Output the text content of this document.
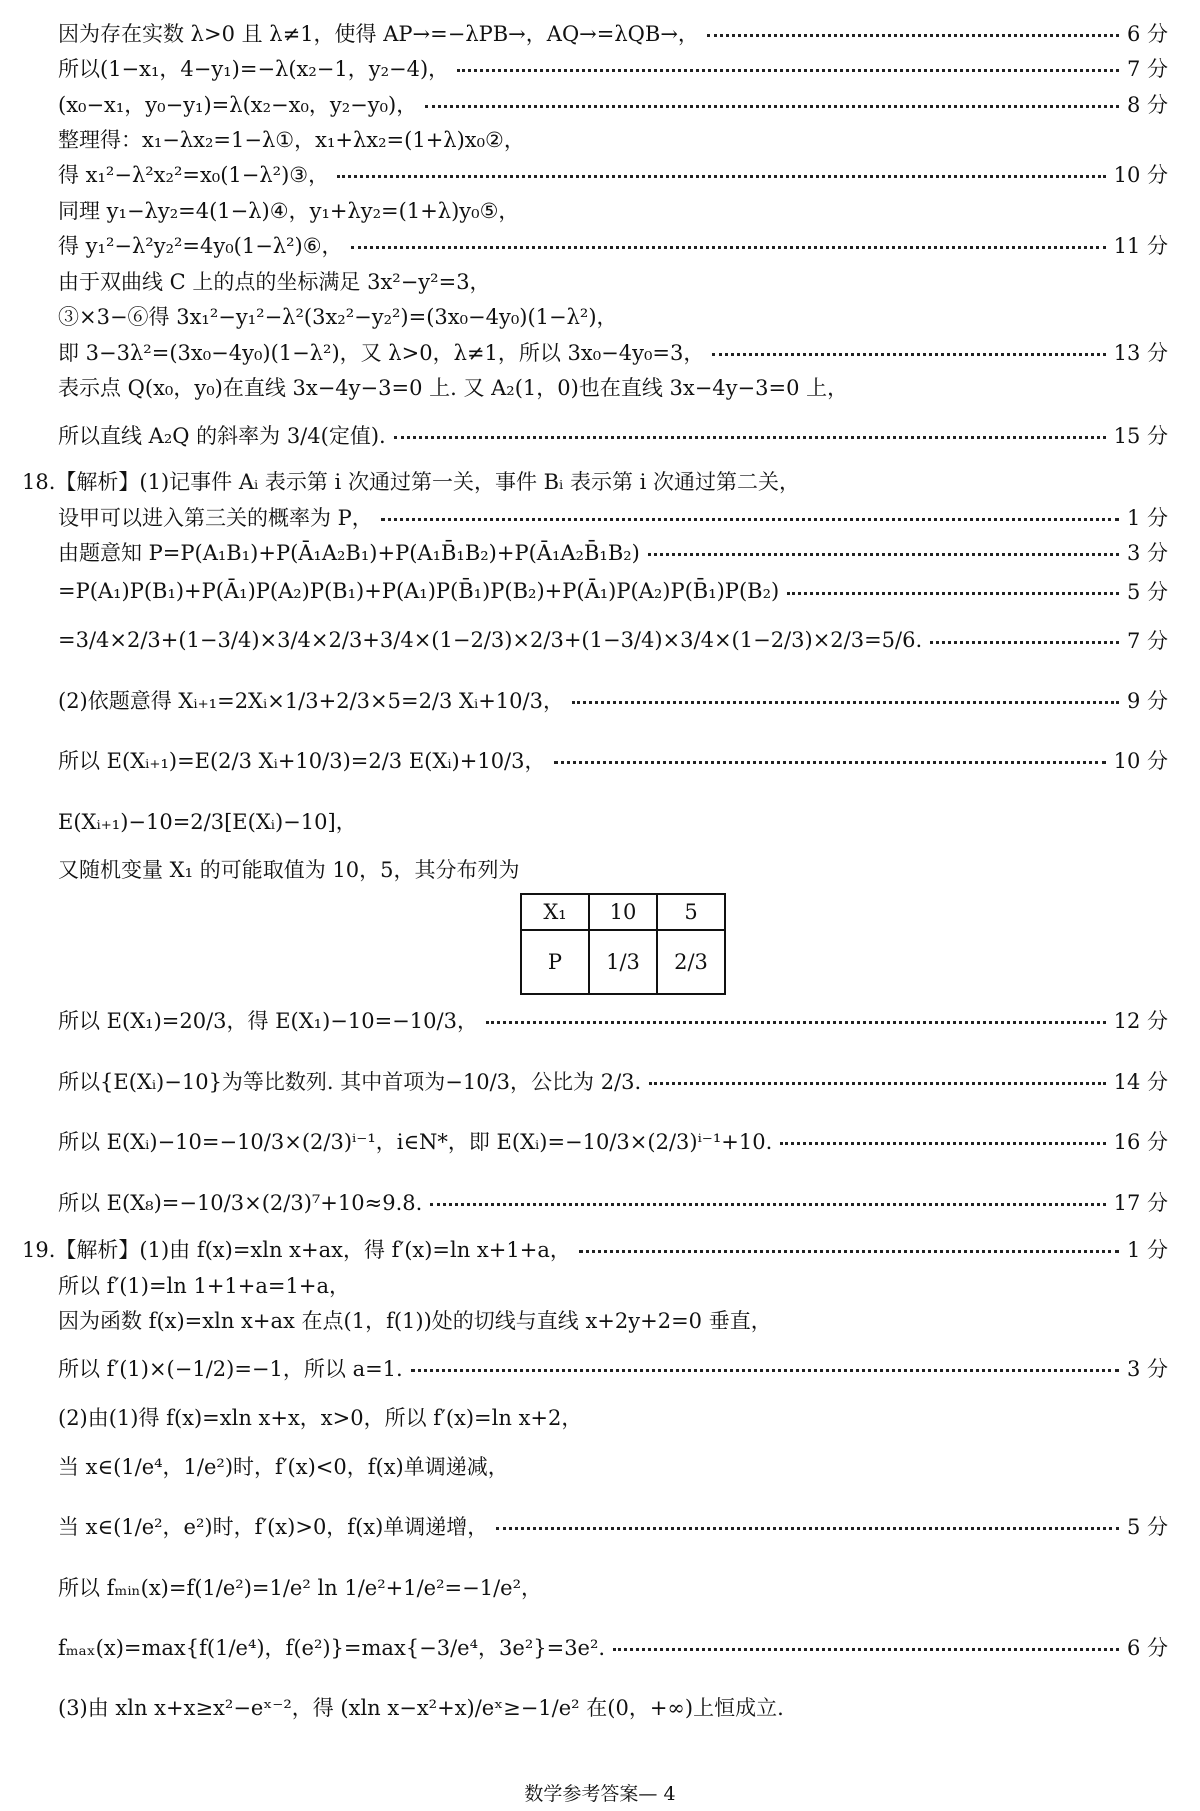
因为存在实数 λ>0 且 λ≠1，使得 AP→=−λPB→，AQ→=λQB→，	6 分
所以(1−x₁，4−y₁)=−λ(x₂−1，y₂−4)，	7 分
(x₀−x₁，y₀−y₁)=λ(x₂−x₀，y₂−y₀)，	8 分
整理得：x₁−λx₂=1−λ①，x₁+λx₂=(1+λ)x₀②，
得 x₁²−λ²x₂²=x₀(1−λ²)③，	10 分
同理 y₁−λy₂=4(1−λ)④，y₁+λy₂=(1+λ)y₀⑤，
得 y₁²−λ²y₂²=4y₀(1−λ²)⑥，	11 分
由于双曲线 C 上的点的坐标满足 3x²−y²=3，
③×3−⑥得 3x₁²−y₁²−λ²(3x₂²−y₂²)=(3x₀−4y₀)(1−λ²)，
即 3−3λ²=(3x₀−4y₀)(1−λ²)，又 λ>0，λ≠1，所以 3x₀−4y₀=3，	13 分
表示点 Q(x₀，y₀)在直线 3x−4y−3=0 上. 又 A₂(1，0)也在直线 3x−4y−3=0 上，
所以直线 A₂Q 的斜率为 3/4(定值).	15 分
18.【解析】(1)记事件 Aᵢ 表示第 i 次通过第一关，事件 Bᵢ 表示第 i 次通过第二关，
设甲可以进入第三关的概率为 P，	1 分
由题意知 P=P(A₁B₁)+P(Ā₁A₂B₁)+P(A₁B̄₁B₂)+P(Ā₁A₂B̄₁B₂)	3 分
=P(A₁)P(B₁)+P(Ā₁)P(A₂)P(B₁)+P(A₁)P(B̄₁)P(B₂)+P(Ā₁)P(A₂)P(B̄₁)P(B₂)	5 分
=3/4×2/3+(1−3/4)×3/4×2/3+3/4×(1−2/3)×2/3+(1−3/4)×3/4×(1−2/3)×2/3=5/6.	7 分
(2)依题意得 Xᵢ₊₁=2Xᵢ×1/3+2/3×5=2/3 Xᵢ+10/3，	9 分
所以 E(Xᵢ₊₁)=E(2/3 Xᵢ+10/3)=2/3 E(Xᵢ)+10/3，	10 分
E(Xᵢ₊₁)−10=2/3[E(Xᵢ)−10]，
又随机变量 X₁ 的可能取值为 10，5，其分布列为
所以 E(X₁)=20/3，得 E(X₁)−10=−10/3，	12 分
所以{E(Xᵢ)−10}为等比数列. 其中首项为−10/3，公比为 2/3.	14 分
所以 E(Xᵢ)−10=−10/3×(2/3)ⁱ⁻¹，i∈N*，即 E(Xᵢ)=−10/3×(2/3)ⁱ⁻¹+10.	16 分
所以 E(X₈)=−10/3×(2/3)⁷+10≈9.8.	17 分
19.【解析】(1)由 f(x)=xln x+ax，得 f′(x)=ln x+1+a，	1 分
所以 f′(1)=ln 1+1+a=1+a，
因为函数 f(x)=xln x+ax 在点(1，f(1))处的切线与直线 x+2y+2=0 垂直，
所以 f′(1)×(−1/2)=−1，所以 a=1.	3 分
(2)由(1)得 f(x)=xln x+x，x>0，所以 f′(x)=ln x+2，
当 x∈(1/e⁴，1/e²)时，f′(x)<0，f(x)单调递减，
当 x∈(1/e²，e²)时，f′(x)>0，f(x)单调递增，	5 分
所以 fₘᵢₙ(x)=f(1/e²)=1/e² ln 1/e²+1/e²=−1/e²，
fₘₐₓ(x)=max{f(1/e⁴)，f(e²)}=max{−3/e⁴，3e²}=3e².	6 分
(3)由 xln x+x≥x²−eˣ⁻²，得 (xln x−x²+x)/eˣ≥−1/e² 在(0，+∞)上恒成立.
X₁	10	5
P	1/3	2/3
数学参考答案— 4
